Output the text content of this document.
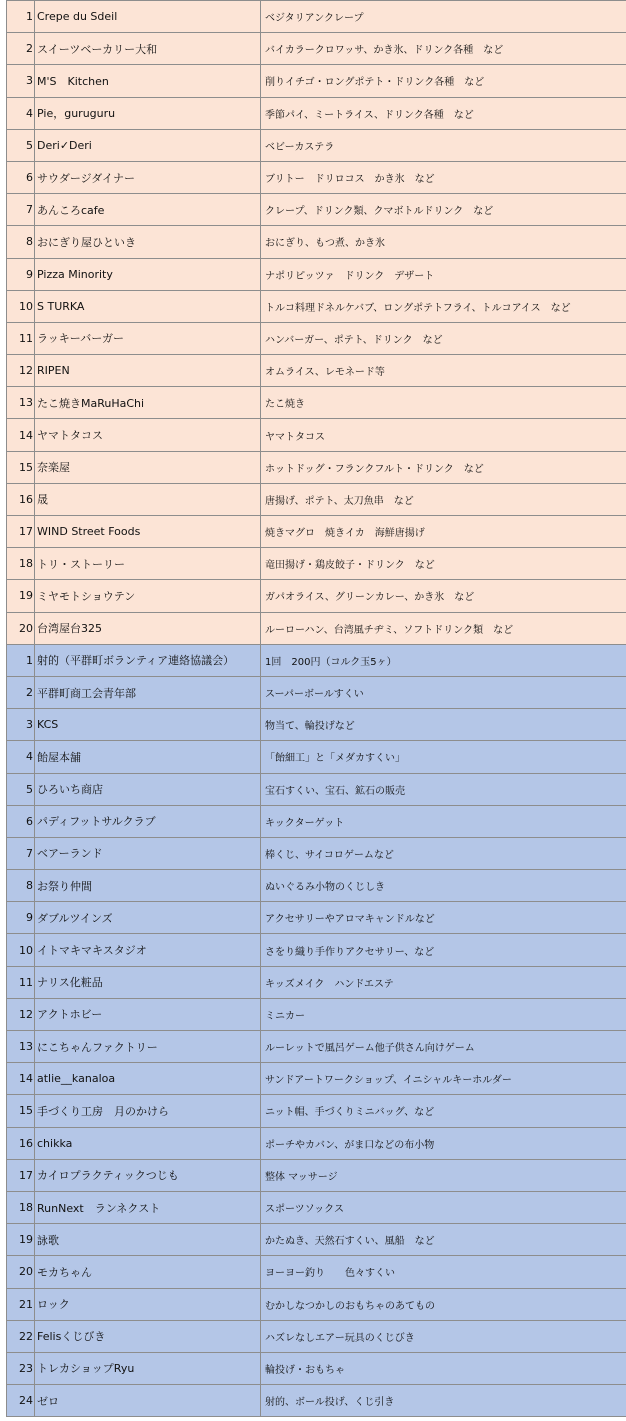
1	Crepe du Sdeil	ベジタリアンクレープ
2	スイーツベーカリー大和	バイカラークロワッサ、かき氷、ドリンク各種　など
3	M'S　Kitchen	削りイチゴ・ロングポテト・ドリンク各種　など
4	Pie，guruguru	季節パイ、ミートライス、ドリンク各種　など
5	Deri✓Deri	ベビーカステラ
6	サウダージダイナー	ブリトー　ドリロコス　かき氷　など
7	あんころcafe	クレープ、ドリンク類、クマボトルドリンク　など
8	おにぎり屋ひといき	おにぎり、もつ煮、かき氷
9	Pizza Minority	ナポリピッツァ　ドリンク　デザート
10	S TURKA	トルコ料理ドネルケバブ、ロングポテトフライ、トルコアイス　など
11	ラッキーバーガー	ハンバーガー、ポテト、ドリンク　など
12	RIPEN	オムライス、レモネード等
13	たこ焼きMaRuHaChi	たこ焼き
14	ヤマトタコス	ヤマトタコス
15	奈楽屋	ホットドッグ・フランクフルト・ドリンク　など
16	晟	唐揚げ、ポテト、太刀魚串　など
17	WIND Street Foods	焼きマグロ　焼きイカ　海鮮唐揚げ
18	トリ・ストーリー	竜田揚げ・鶏皮餃子・ドリンク　など
19	ミヤモトショウテン	ガパオライス、グリーンカレー、かき氷　など
20	台湾屋台325	ルーローハン、台湾風チヂミ、ソフトドリンク類　など
1	射的（平群町ボランティア連絡協議会）	1回　200円（コルク玉5ヶ）
2	平群町商工会青年部	スーパーボールすくい
3	KCS	物当て、輪投げなど
4	飴屋本舗	「飴細工」と「メダカすくい」
5	ひろいち商店	宝石すくい、宝石、鉱石の販売
6	パディフットサルクラブ	キックターゲット
7	ベアーランド	棒くじ、サイコロゲームなど
8	お祭り仲間	ぬいぐるみ小物のくじしき
9	ダブルツインズ	アクセサリーやアロマキャンドルなど
10	イトマキマキスタジオ	さをり織り手作りアクセサリー、など
11	ナリス化粧品	キッズメイク　ハンドエステ
12	アクトホビー	ミニカー
13	にこちゃんファクトリー	ルーレットで風呂ゲーム他子供さん向けゲーム
14	atlie__kanaloa	サンドアートワークショップ、イニシャルキーホルダー
15	手づくり工房　月のかけら	ニット帽、手づくりミニバッグ、など
16	chikka	ポーチやカバン、がま口などの布小物
17	カイロプラクティックつじも	整体 マッサージ
18	RunNext　ランネクスト	スポーツソックス
19	詠歌	かたぬき、天然石すくい、風船　など
20	モカちゃん	ヨーヨー釣り　　色々すくい
21	ロック	むかしなつかしのおもちゃのあてもの
22	Felisくじびき	ハズレなしエアー玩具のくじびき
23	トレカショップRyu	輪投げ・おもちゃ
24	ゼロ	射的、ボール投げ、くじ引き
